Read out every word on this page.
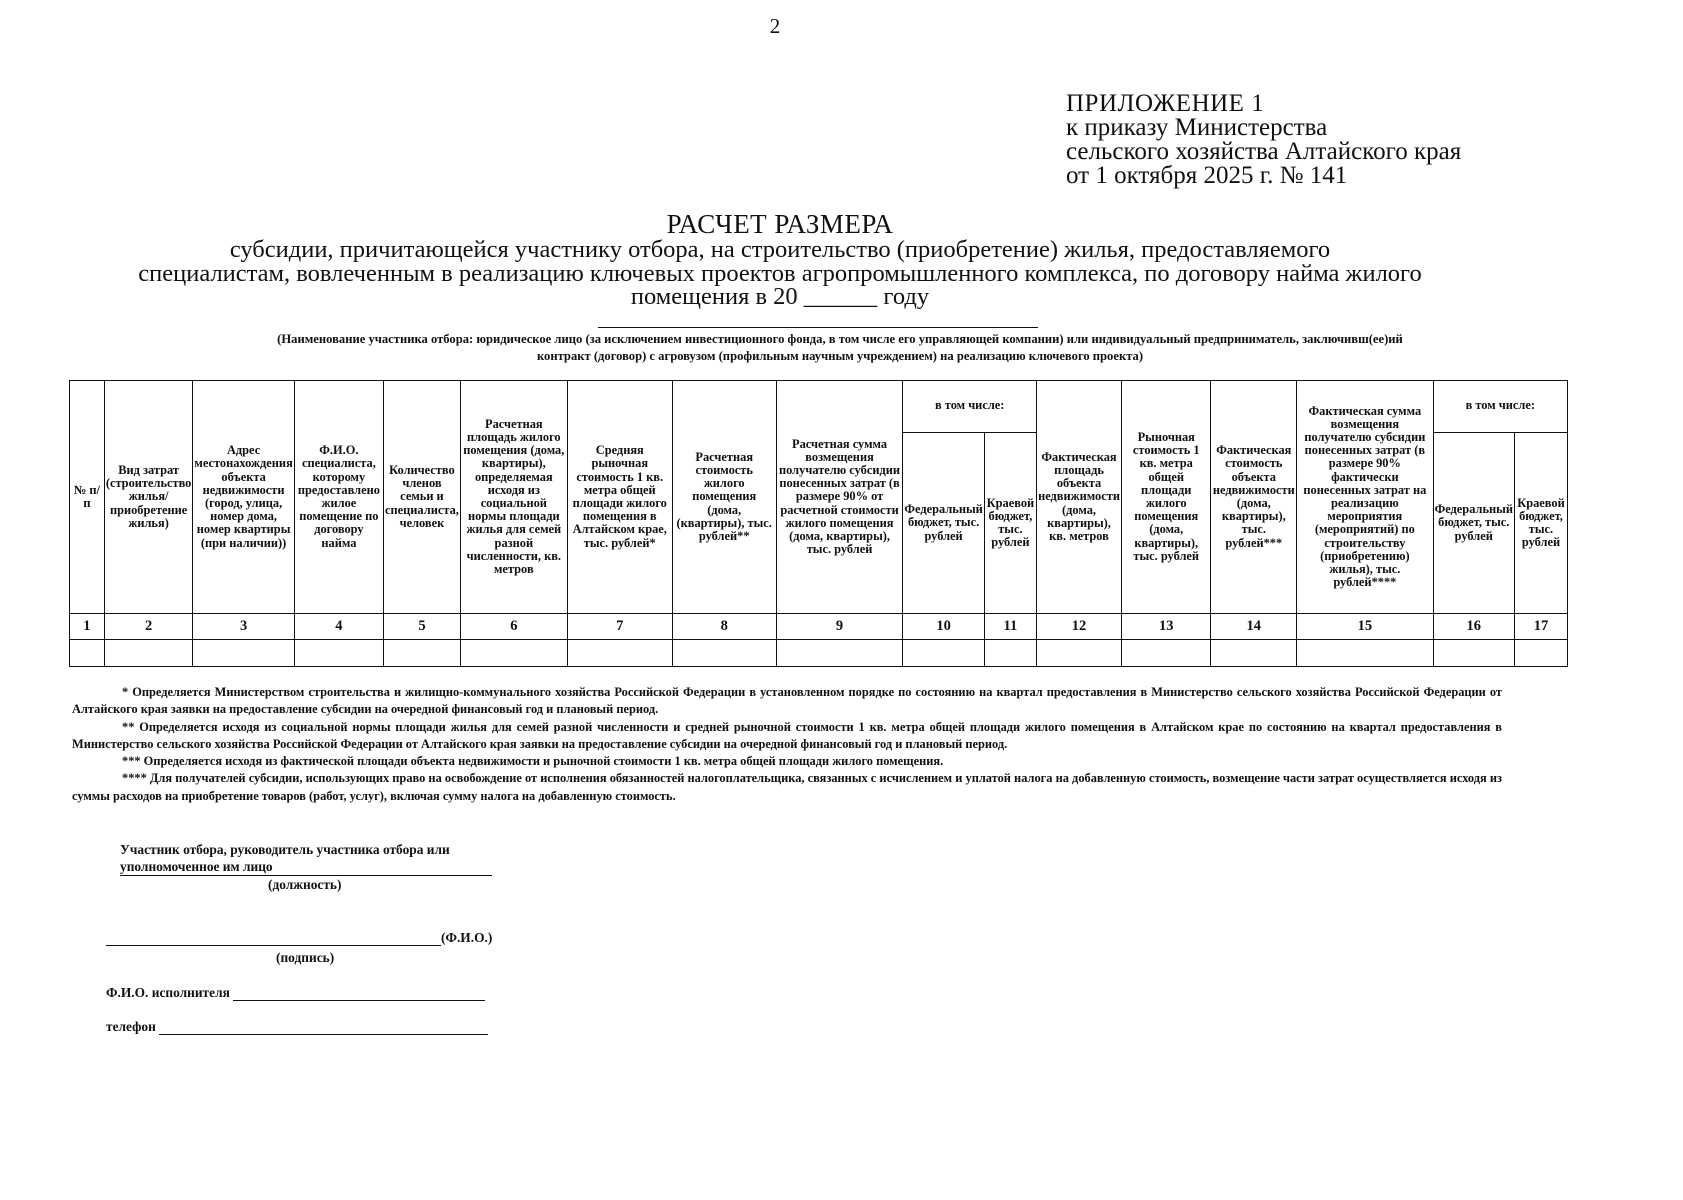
2
ПРИЛОЖЕНИЕ 1
к приказу Министерства
сельского хозяйства Алтайского края
от 1 октября 2025 г. № 141
РАСЧЕТ РАЗМЕРА
субсидии, причитающейся участнику отбора, на строительство (приобретение) жилья, предоставляемого
специалистам, вовлеченным в реализацию ключевых проектов агропромышленного комплекса, по договору найма жилого
помещения в 20 ______ году
(Наименование участника отбора: юридическое лицо (за исключением инвестиционного фонда, в том числе его управляющей компании) или индивидуальный предприниматель, заключивш(ее)ий
контракт (договор) с агровузом (профильным научным учреждением) на реализацию ключевого проекта)
№ п/п	Вид затрат (строительство жилья/приобретение жилья)	Адрес местонахождения объекта недвижимости (город, улица, номер дома, номер квартиры (при наличии))	Ф.И.О. специалиста, которому предоставлено жилое помещение по договору найма	Количество членов семьи и специалиста, человек	Расчетная площадь жилого помещения (дома, квартиры), определяемая исходя из социальной нормы площади жилья для семей разной численности, кв. метров	Средняя рыночная стоимость 1 кв. метра общей площади жилого помещения в Алтайском крае, тыс. рублей*	Расчетная стоимость жилого помещения (дома, (квартиры), тыс. рублей**	Расчетная сумма возмещения получателю субсидии понесенных затрат (в размере 90% от расчетной стоимости жилого помещения (дома, квартиры), тыс. рублей	в том числе:		Фактическая площадь объекта недвижимости (дома, квартиры), кв. метров	Рыночная стоимость 1 кв. метра общей площади жилого помещения (дома, квартиры), тыс. рублей	Фактическая стоимость объекта недвижимости (дома, квартиры), тыс. рублей***	Фактическая сумма возмещения получателю субсидии понесенных затрат (в размере 90% фактически понесенных затрат на реализацию мероприятия (мероприятий) по строительству (приобретению) жилья), тыс. рублей****	в том числе:	
									Федеральный бюджет, тыс. рублей	Краевой бюджет, тыс. рублей					Федеральный бюджет, тыс. рублей	Краевой бюджет, тыс. рублей
1	2	3	4	5	6	7	8	9	10	11	12	13	14	15	16	17

* Определяется Министерством строительства и жилищно-коммунального хозяйства Российской Федерации в установленном порядке по состоянию на квартал предоставления в Министерство сельского хозяйства Российской Федерации от Алтайского края заявки на предоставление субсидии на очередной финансовый год и плановый период.

** Определяется исходя из социальной нормы площади жилья для семей разной численности и средней рыночной стоимости 1 кв. метра общей площади жилого помещения в Алтайском крае по состоянию на квартал предоставления в Министерство сельского хозяйства Российской Федерации от Алтайского края заявки на предоставление субсидии на очередной финансовый год и плановый период.

*** Определяется исходя из фактической площади объекта недвижимости и рыночной стоимости 1 кв. метра общей площади жилого помещения.

**** Для получателей субсидии, использующих право на освобождение от исполнения обязанностей налогоплательщика, связанных с исчислением и уплатой налога на добавленную стоимость, возмещение части затрат осуществляется исходя из суммы расходов на приобретение товаров (работ, услуг), включая сумму налога на добавленную стоимость.

Участник отбора, руководитель участника отбора или
уполномоченное им лицо
(должность)
(Ф.И.О.)
(подпись)
Ф.И.О. исполнителя
телефон
